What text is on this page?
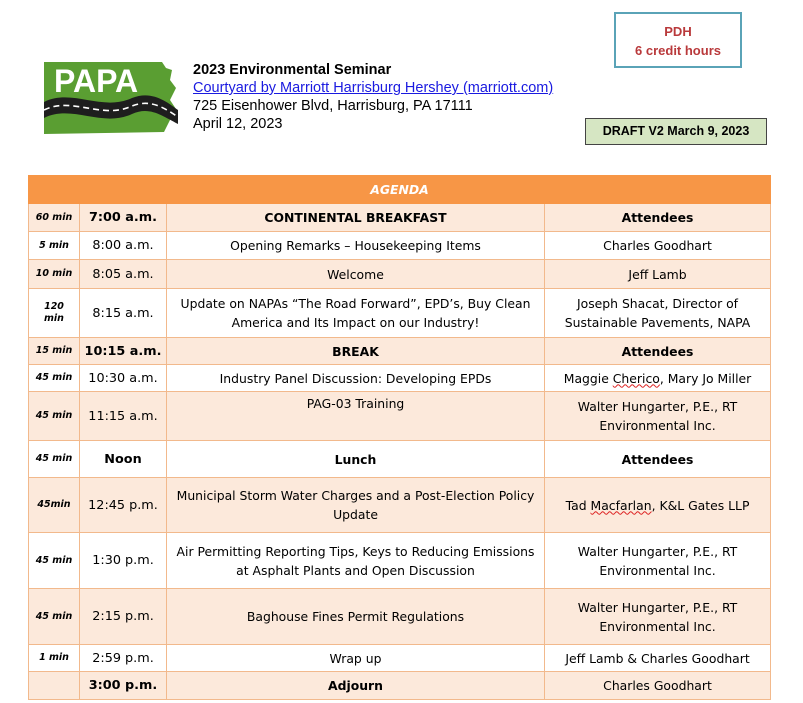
PAPA	2023 Environmental Seminar
Courtyard by Marriott Harrisburg Hershey (marriott.com)
725 Eisenhower Blvd, Harrisburg, PA 17111
April 12, 2023
PDH
6 credit hours
DRAFT V2 March 9, 2023
AGENDA			
60 min	7:00 a.m.	CONTINENTAL BREAKFAST	Attendees
5 min	8:00 a.m.	Opening Remarks – Housekeeping Items	Charles Goodhart
10 min	8:05 a.m.	Welcome	Jeff Lamb
120 min	8:15 a.m.	Update on NAPAs “The Road Forward”, EPD’s, Buy Clean America and Its Impact on our Industry!	Joseph Shacat, Director of Sustainable Pavements, NAPA
15 min	10:15 a.m.	BREAK	Attendees
45 min	10:30 a.m.	Industry Panel Discussion: Developing EPDs	Maggie Cherico, Mary Jo Miller
45 min	11:15 a.m.	PAG-03 Training	Walter Hungarter, P.E., RT Environmental Inc.
45 min	Noon	Lunch	Attendees
45min	12:45 p.m.	Municipal Storm Water Charges and a Post-Election Policy Update	Tad Macfarlan, K&L Gates LLP
45 min	1:30 p.m.	Air Permitting Reporting Tips, Keys to Reducing Emissions at Asphalt Plants and Open Discussion	Walter Hungarter, P.E., RT Environmental Inc.
45 min	2:15 p.m.	Baghouse Fines Permit Regulations	Walter Hungarter, P.E., RT Environmental Inc.
1 min	2:59 p.m.	Wrap up	Jeff Lamb & Charles Goodhart
	3:00 p.m.	Adjourn	Charles Goodhart
